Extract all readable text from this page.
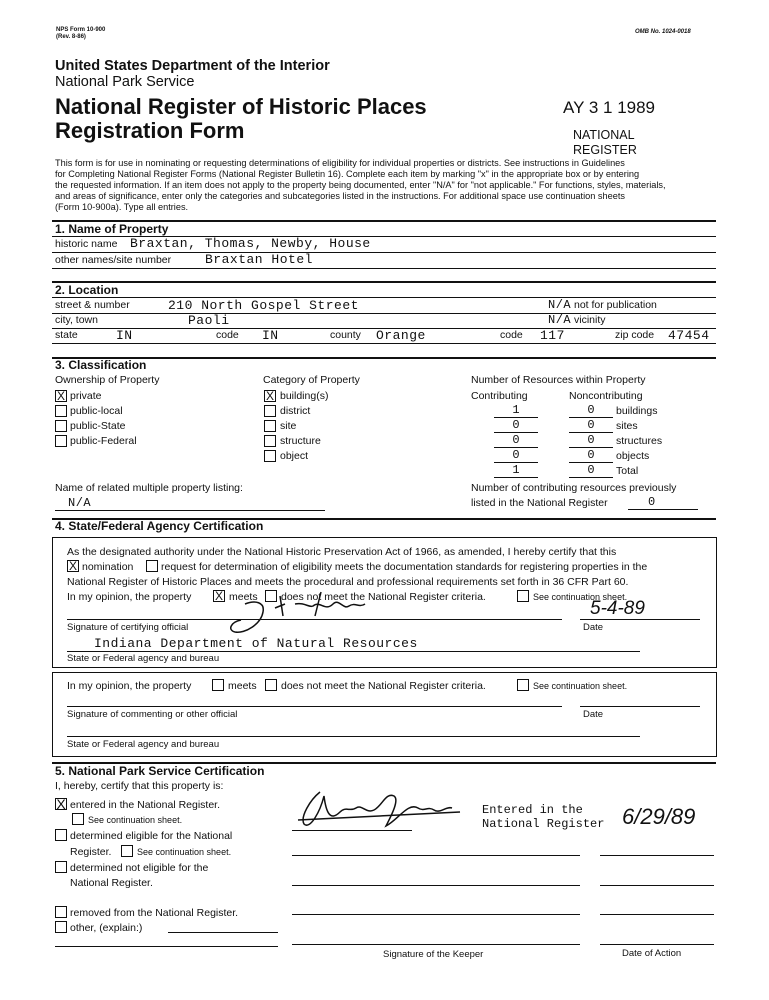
NPS Form 10-900
(Rev. 8-86)
OMB No. 1024-0018
United States Department of the Interior
National Park Service
National Register of Historic Places
Registration Form
AY 3 1 1989
NATIONAL
REGISTER
This form is for use in nominating or requesting determinations of eligibility for individual properties or districts. See instructions in Guidelines
for Completing National Register Forms (National Register Bulletin 16). Complete each item by marking "x" in the appropriate box or by entering
the requested information. If an item does not apply to the property being documented, enter "N/A" for "not applicable." For functions, styles, materials,
and areas of significance, enter only the categories and subcategories listed in the instructions. For additional space use continuation sheets
(Form 10-900a). Type all entries.
1. Name of Property
historic name Braxtan, Thomas, Newby, House
other names/site number	Braxtan Hotel
2. Location
street & number	210 North Gospel Street	N/A not for publication
city, town	Paoli	N/A vicinity
state	IN	code IN	county Orange	code 117	zip code 47454
3. Classification
Ownership of Property
X private
public-local
public-State
public-Federal
Category of Property
X building(s)
district
site
structure
object
Number of Resources within Property
Contributing	Noncontributing
1	0	buildings
0	0	sites
0	0	structures
0	0	objects
1	0	Total
Name of related multiple property listing:
N/A
Number of contributing resources previously
listed in the National Register	0
4. State/Federal Agency Certification
As the designated authority under the National Historic Preservation Act of 1966, as amended, I hereby certify that this
X nomination	request for determination of eligibility meets the documentation standards for registering properties in the
National Register of Historic Places and meets the procedural and professional requirements set forth in 36 CFR Part 60.
In my opinion, the property X meets does not meet the National Register criteria.	See continuation sheet.
5-4-89
Signature of certifying official	Date
Indiana Department of Natural Resources
State or Federal agency and bureau
In my opinion, the property	meets does not meet the National Register criteria.	See continuation sheet.
Signature of commenting or other official	Date
State or Federal agency and bureau
5. National Park Service Certification
I, hereby, certify that this property is:
X entered in the National Register.
See continuation sheet.
determined eligible for the National
Register.	See continuation sheet.
determined not eligible for the
National Register.
removed from the National Register.
other, (explain:)
Entered in the
National Register 6/29/89
Signature of the Keeper	Date of Action
